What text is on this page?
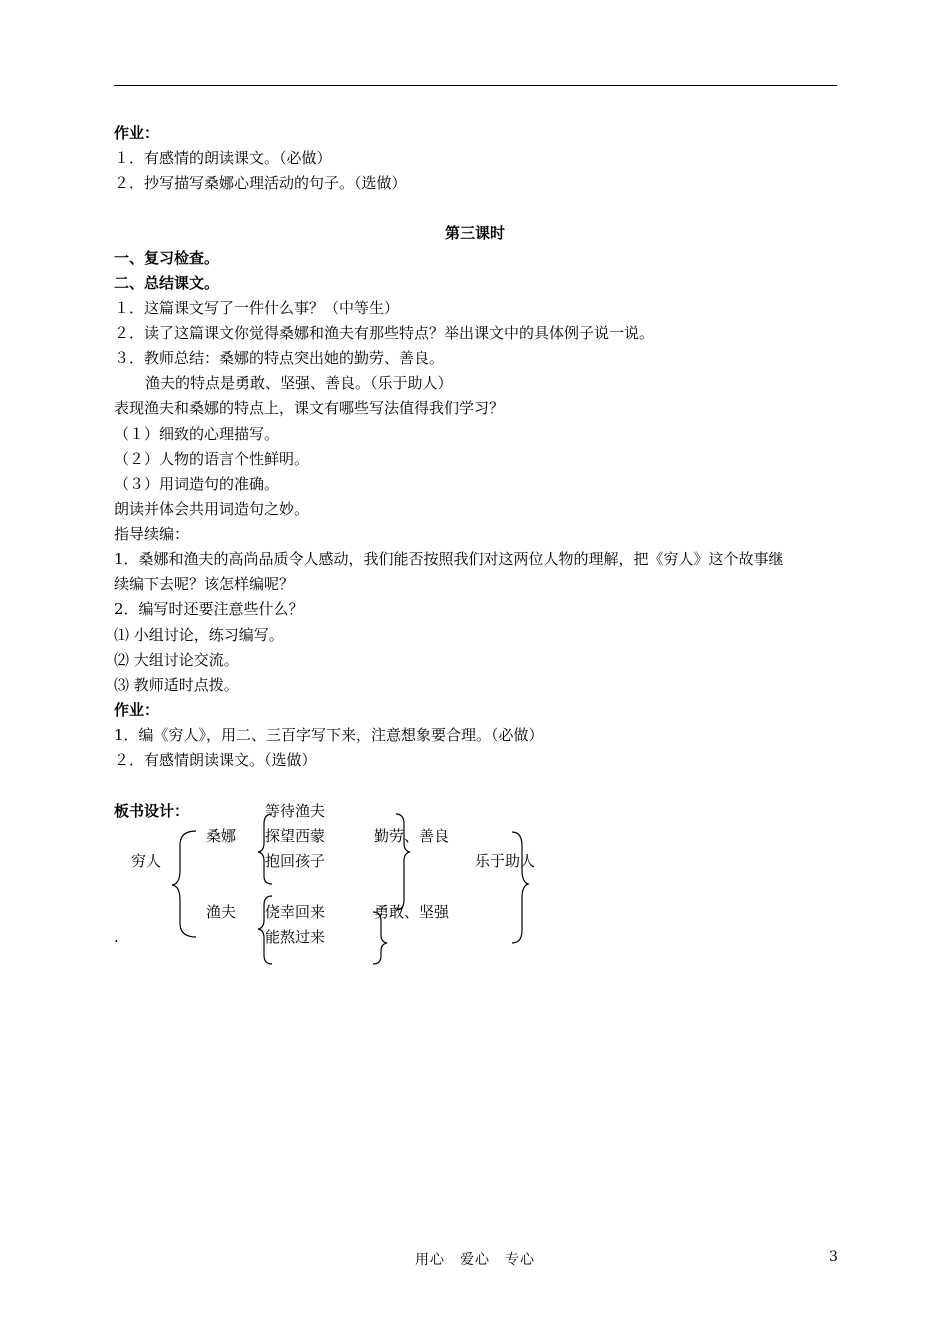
作业：
１．有感情的朗读课文。（必做）
２．抄写描写桑娜心理活动的句子。（选做）
第三课时
一、复习检查。
二、总结课文。
１．这篇课文写了一件什么事？（中等生）
２．读了这篇课文你觉得桑娜和渔夫有那些特点？举出课文中的具体例子说一说。
３．教师总结：桑娜的特点突出她的勤劳、善良。
渔夫的特点是勇敢、坚强、善良。（乐于助人）
表现渔夫和桑娜的特点上，课文有哪些写法值得我们学习？
（１）细致的心理描写。
（２）人物的语言个性鲜明。
（３）用词造句的准确。
朗读并体会共用词造句之妙。
指导续编：
1．桑娜和渔夫的高尚品质令人感动，我们能否按照我们对这两位人物的理解，把《穷人》这个故事继
续编下去呢？该怎样编呢？
2．编写时还要注意些什么？
⑴ 小组讨论，练习编写。
⑵ 大组讨论交流。
⑶ 教师适时点拨。
作业：
1．编《穷人》，用二、三百字写下来，注意想象要合理。（必做）
２．有感情朗读课文。（选做）
板书设计：	等待渔夫
桑娜 探望西蒙	勤劳、善良
穷人	抱回孩子	乐于助人
渔夫 侥幸回来	勇敢、坚强
.	能熬过来
用心　爱心　专心	3
